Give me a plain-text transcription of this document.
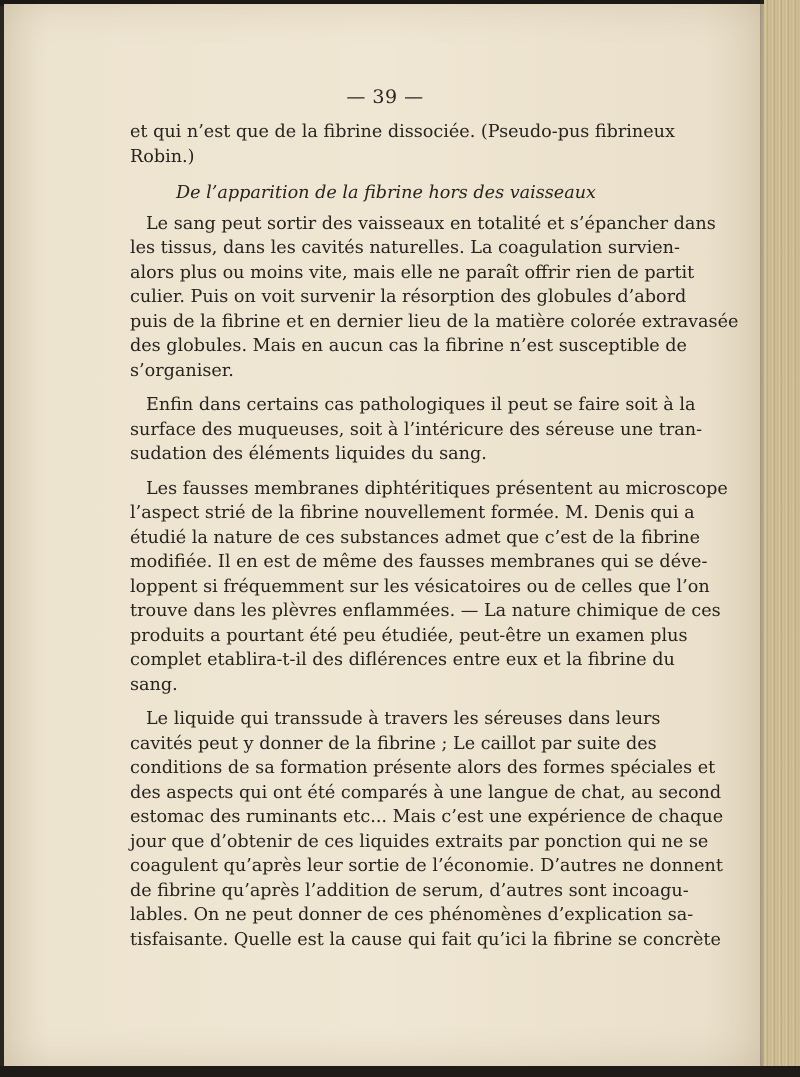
— 39 —
et qui n’est que de la fibrine dissociée. (Pseudo-pus fibrineux
Robin.)
De l’apparition de la fibrine hors des vaisseaux
Le sang peut sortir des vaisseaux en totalité et s’épancher dans
les tissus, dans les cavités naturelles. La coagulation survien-
alors plus ou moins vite, mais elle ne paraît offrir rien de partit
culier. Puis on voit survenir la résorption des globules d’abord
puis de la fibrine et en dernier lieu de la matière colorée extravasée
des globules. Mais en aucun cas la fibrine n’est susceptible de
s’organiser.
Enfin dans certains cas pathologiques il peut se faire soit à la
surface des muqueuses, soit à l’intéricure des séreuse une tran-
sudation des éléments liquides du sang.
Les fausses membranes diphtéritiques présentent au microscope
l’aspect strié de la fibrine nouvellement formée. M. Denis qui a
étudié la nature de ces substances admet que c’est de la fibrine
modifiée. Il en est de même des fausses membranes qui se déve-
loppent si fréquemment sur les vésicatoires ou de celles que l’on
trouve dans les plèvres enflammées. — La nature chimique de ces
produits a pourtant été peu étudiée, peut-être un examen plus
complet etablira-t-il des diflérences entre eux et la fibrine du
sang.
Le liquide qui transsude à travers les séreuses dans leurs
cavités peut y donner de la fibrine ; Le caillot par suite des
conditions de sa formation présente alors des formes spéciales et
des aspects qui ont été comparés à une langue de chat, au second
estomac des ruminants etc... Mais c’est une expérience de chaque
jour que d’obtenir de ces liquides extraits par ponction qui ne se
coagulent qu’après leur sortie de l’économie. D’autres ne donnent
de fibrine qu’après l’addition de serum, d’autres sont incoagu-
lables. On ne peut donner de ces phénomènes d’explication sa-
tisfaisante. Quelle est la cause qui fait qu’ici la fibrine se concrète
